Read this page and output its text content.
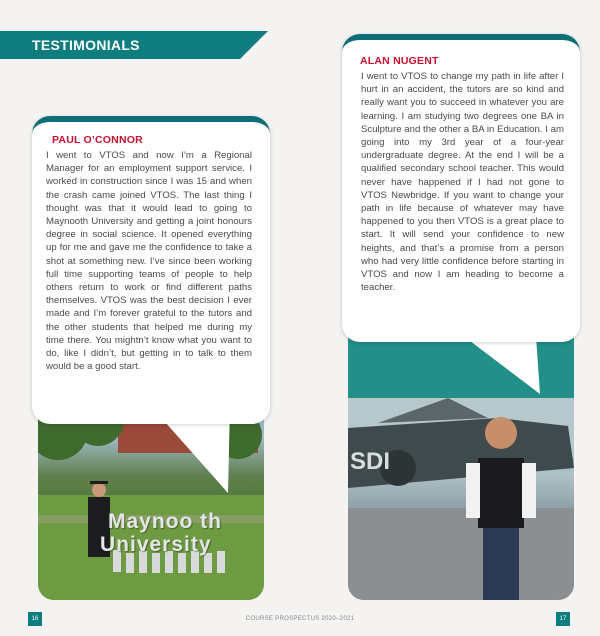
TESTIMONIALS
Maynoo th
University
PAUL O’CONNOR
I went to VTOS and now I’m a Regional Manager for an employment support service. I worked in construction since I was 15 and when the crash came joined VTOS. The last thing I thought was that it would lead to going to Maynooth University and getting a joint honours degree in social science. It opened everything up for me and gave me the confidence to take a shot at something new. I’ve since been working full time supporting teams of people to help others return to work or find different paths themselves. VTOS was the best decision I ever made and I’m forever grateful to the tutors and the other students that helped me during my time there. You mightn’t know what you want to do, like I didn’t, but getting in to talk to them would be a good start.
SDI
ALAN NUGENT
I went to VTOS to change my path in life after I hurt in an accident, the tutors are so kind and really want you to succeed in whatever you are learning. I am studying two degrees one BA in Sculpture and the other a BA in Education. I am going into my 3rd year of a four-year undergraduate degree. At the end I will be a qualified secondary school teacher. This would never have happened if I had not gone to VTOS Newbridge. If you want to change your path in life because of whatever may have happened to you then VTOS is a great place to start. It will send your confidence to new heights, and that’s a promise from a person who had very little confidence before starting in VTOS and now I am heading to become a teacher.
16	COURSE PROSPECTUS 2020–2021	17
